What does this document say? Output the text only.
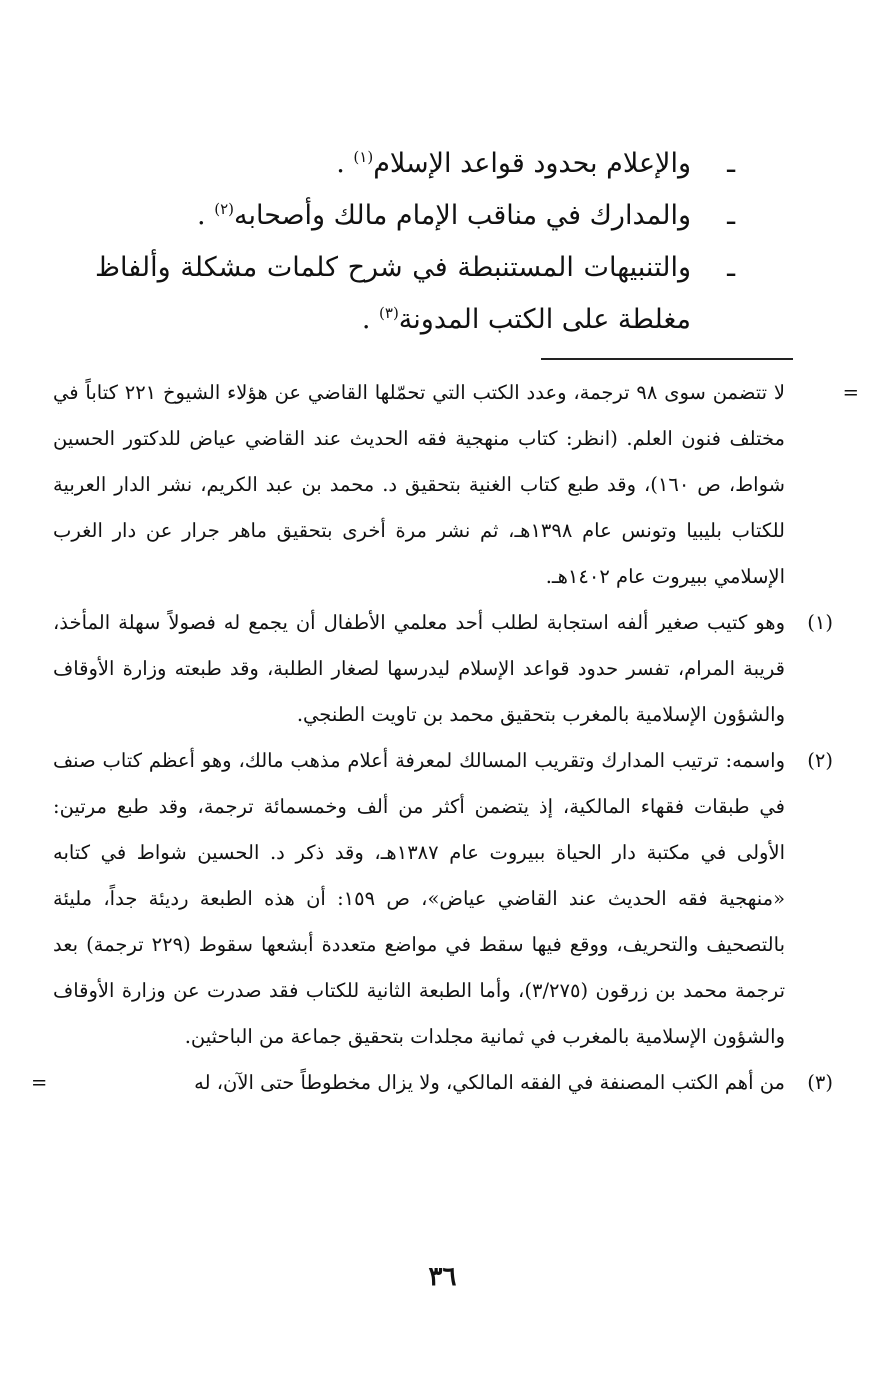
ـ
والإعلام بحدود قواعد الإسلام$^{(١)}$ .
ـ
والمدارك في مناقب الإمام مالك وأصحابه$^{(٢)}$ .
ـ
والتنبيهات المستنبطة في شرح كلمات مشكلة وألفاظ مغلطة على الكتب المدونة$^{(٣)}$ .
=
لا تتضمن سوى ٩٨ ترجمة، وعدد الكتب التي تحمّلها القاضي عن هؤلاء الشيوخ ٢٢١ كتاباً في مختلف فنون العلم. (انظر: كتاب منهجية فقه الحديث عند القاضي عياض للدكتور الحسين شواط، ص ١٦٠)، وقد طبع كتاب الغنية بتحقيق د. محمد بن عبد الكريم، نشر الدار العربية للكتاب بليبيا وتونس عام ١٣٩٨هـ، ثم نشر مرة أخرى بتحقيق ماهر جرار عن دار الغرب الإسلامي ببيروت عام ١٤٠٢هـ.
(١)
وهو كتيب صغير ألفه استجابة لطلب أحد معلمي الأطفال أن يجمع له فصولاً سهلة المأخذ، قريبة المرام، تفسر حدود قواعد الإسلام ليدرسها لصغار الطلبة، وقد طبعته وزارة الأوقاف والشؤون الإسلامية بالمغرب بتحقيق محمد بن تاويت الطنجي.
(٢)
واسمه: ترتيب المدارك وتقريب المسالك لمعرفة أعلام مذهب مالك، وهو أعظم كتاب صنف في طبقات فقهاء المالكية، إذ يتضمن أكثر من ألف وخمسمائة ترجمة، وقد طبع مرتين: الأولى في مكتبة دار الحياة ببيروت عام ١٣٨٧هـ، وقد ذكر د. الحسين شواط في كتابه «منهجية فقه الحديث عند القاضي عياض»، ص ١٥٩: أن هذه الطبعة رديئة جداً، مليئة بالتصحيف والتحريف، ووقع فيها سقط في مواضع متعددة أبشعها سقوط (٢٢٩ ترجمة) بعد ترجمة محمد بن زرقون (٣/٢٧٥)، وأما الطبعة الثانية للكتاب فقد صدرت عن وزارة الأوقاف والشؤون الإسلامية بالمغرب في ثمانية مجلدات بتحقيق جماعة من الباحثين.
(٣)
من أهم الكتب المصنفة في الفقه المالكي، ولا يزال مخطوطاً حتى الآن، له
=
٣٦
